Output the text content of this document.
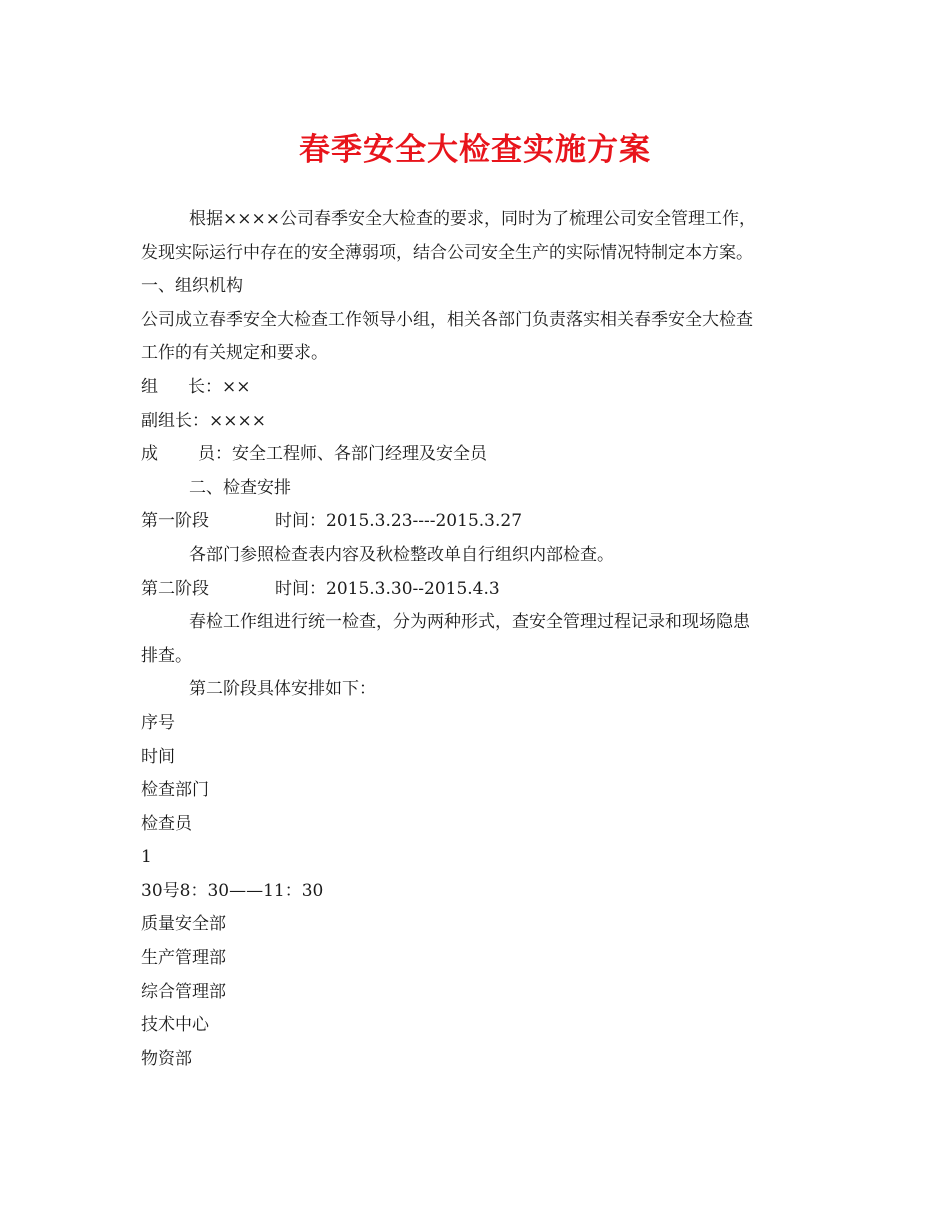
春季安全大检查实施方案

根据××××公司春季安全大检查的要求，同时为了梳理公司安全管理工作，

发现实际运行中存在的安全薄弱项，结合公司安全生产的实际情况特制定本方案。

一、组织机构

公司成立春季安全大检查工作领导小组，相关各部门负责落实相关春季安全大检查

工作的有关规定和要求。

组 长：××

副组长：××××

成 员：安全工程师、各部门经理及安全员

二、检查安排

第一阶段	时间：2015.3.23----2015.3.27

各部门参照检查表内容及秋检整改单自行组织内部检查。

第二阶段	时间：2015.3.30--2015.4.3

春检工作组进行统一检查，分为两种形式，查安全管理过程记录和现场隐患

排查。

第二阶段具体安排如下：

序号

时间

检查部门

检查员

1

30号8：30——11：30

质量安全部

生产管理部

综合管理部

技术中心

物资部
